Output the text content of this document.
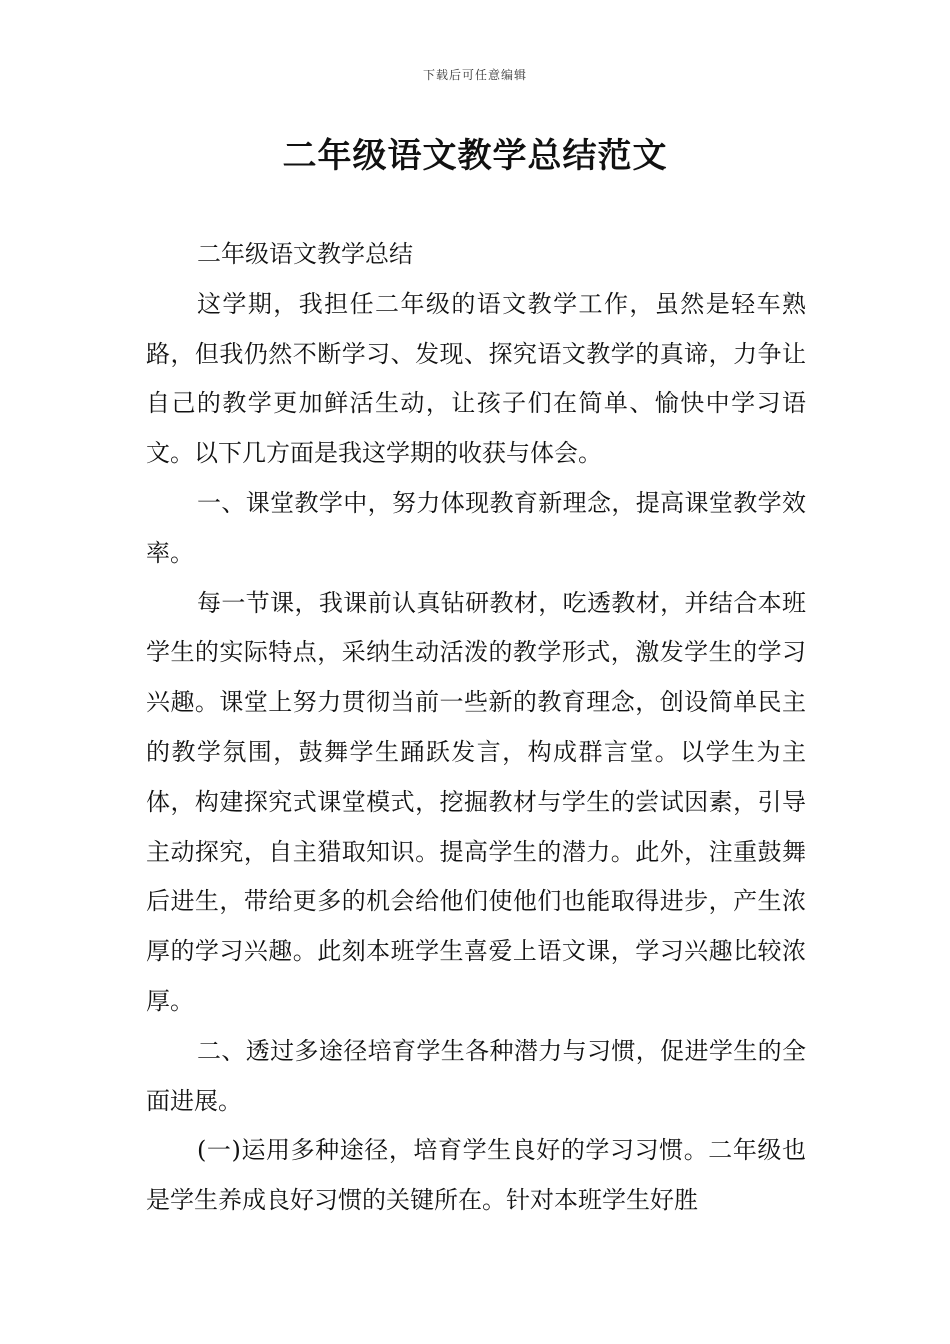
下载后可任意编辑
二年级语文教学总结范文

二年级语文教学总结

这学期，我担任二年级的语文教学工作，虽然是轻车熟路，但我仍然不断学习、发现、探究语文教学的真谛，力争让自己的教学更加鲜活生动，让孩子们在简单、愉快中学习语文。以下几方面是我这学期的收获与体会。

一、课堂教学中，努力体现教育新理念，提高课堂教学效率。

每一节课，我课前认真钻研教材，吃透教材，并结合本班学生的实际特点，采纳生动活泼的教学形式，激发学生的学习兴趣。课堂上努力贯彻当前一些新的教育理念，创设简单民主的教学氛围，鼓舞学生踊跃发言，构成群言堂。以学生为主体，构建探究式课堂模式，挖掘教材与学生的尝试因素，引导主动探究，自主猎取知识。提高学生的潜力。此外，注重鼓舞后进生，带给更多的机会给他们使他们也能取得进步，产生浓厚的学习兴趣。此刻本班学生喜爱上语文课，学习兴趣比较浓厚。

二、透过多途径培育学生各种潜力与习惯，促进学生的全面进展。

(一)运用多种途径，培育学生良好的学习习惯。二年级也是学生养成良好习惯的关键所在。针对本班学生好胜
